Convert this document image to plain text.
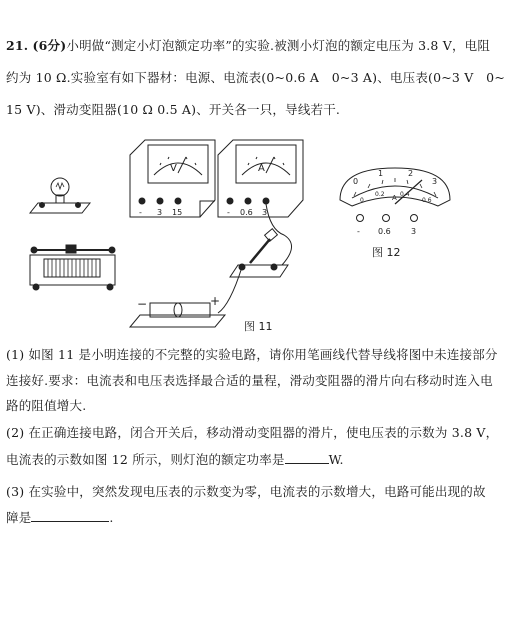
21. (6分)小明做“测定小灯泡额定功率”的实验.被测小灯泡的额定电压为 3.8 V，电阻
约为 10 Ω.实验室有如下器材：电源、电流表(0~0.6 A　0~3 A)、电压表(0~3 V　0~
15 V)、滑动变阻器(10 Ω 0.5 A)、开关各一只，导线若干.
V
- 3 15
A
- 0.6 3
−	+
图 11
0
1	2
3
0
0.2	0.4
0.6
A
- 0.6	3
图 12
(1) 如图 11 是小明连接的不完整的实验电路，请你用笔画线代替导线将图中未连接部分
连接好.要求：电流表和电压表选择最合适的量程，滑动变阻器的滑片向右移动时连入电
路的阻值增大.
(2) 在正确连接电路，闭合开关后，移动滑动变阻器的滑片，使电压表的示数为 3.8 V，
电流表的示数如图 12 所示，则灯泡的额定功率是	W.
(3) 在实验中，突然发现电压表的示数变为零，电流表的示数增大，电路可能出现的故
障是	.
